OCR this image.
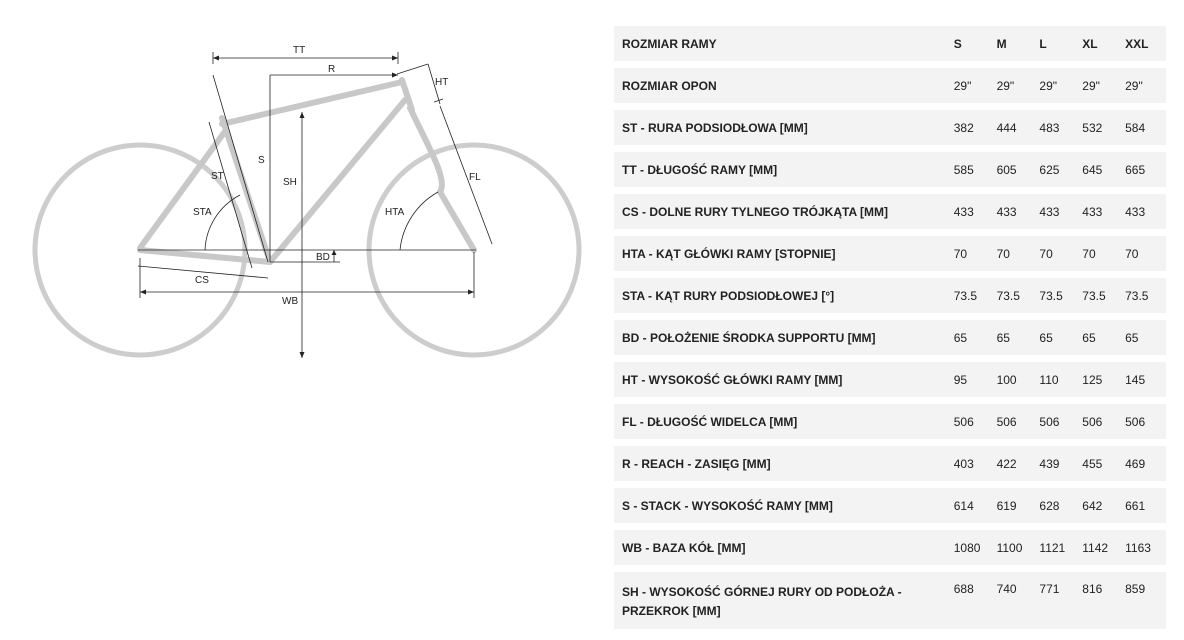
TT
R
HT
S
ST
SH
STA	HTA
FL
BD
CS
WB
ROZMIAR RAMY	S	M	L	XL	XXL
ROZMIAR OPON	29"	29"	29"	29"	29"
ST - RURA PODSIODŁOWA [MM]	382	444	483	532	584
TT - DŁUGOŚĆ RAMY [MM]	585	605	625	645	665
CS - DOLNE RURY TYLNEGO TRÓJKĄTA [MM]	433	433	433	433	433
HTA - KĄT GŁÓWKI RAMY [STOPNIE]	70	70	70	70	70
STA - KĄT RURY PODSIODŁOWEJ [°]	73.5	73.5	73.5	73.5	73.5
BD - POŁOŻENIE ŚRODKA SUPPORTU [MM]	65	65	65	65	65
HT - WYSOKOŚĆ GŁÓWKI RAMY [MM]	95	100	110	125	145
FL - DŁUGOŚĆ WIDELCA [MM]	506	506	506	506	506
R - REACH - ZASIĘG [MM]	403	422	439	455	469
S - STACK - WYSOKOŚĆ RAMY [MM]	614	619	628	642	661
WB - BAZA KÓŁ [MM]	1080	1100	1121	1142	1163
SH - WYSOKOŚĆ GÓRNEJ RURY OD PODŁOŻA - PRZEKROK [MM]	688	740	771	816	859
